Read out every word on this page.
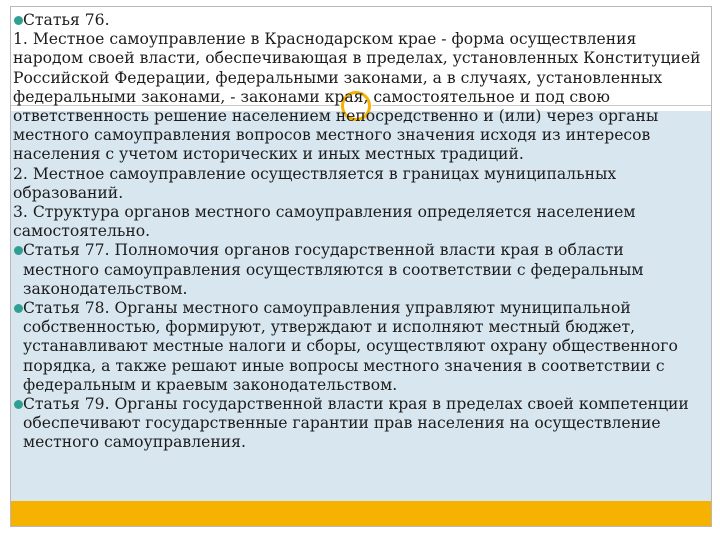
Статья 76.
1. Местное самоуправление в Краснодарском крае - форма осуществления народом своей власти, обеспечивающая в пределах, установленных Конституцией Российской Федерации, федеральными законами, а в случаях, установленных федеральными законами, - законами края, самостоятельное и под свою ответственность решение населением непосредственно и (или) через органы местного самоуправления вопросов местного значения исходя из интересов населения с учетом исторических и иных местных традиций.
2. Местное самоуправление осуществляется в границах муниципальных образований.
3. Структура органов местного самоуправления определяется населением самостоятельно.
Статья 77. Полномочия органов государственной власти края в области местного самоуправления осуществляются в соответствии с федеральным законодательством.
Статья 78. Органы местного самоуправления управляют муниципальной собственностью, формируют, утверждают и исполняют местный бюджет, устанавливают местные налоги и сборы, осуществляют охрану общественного порядка, а также решают иные вопросы местного значения в соответствии с федеральным и краевым законодательством.
Статья 79. Органы государственной власти края в пределах своей компетенции обеспечивают государственные гарантии прав населения на осуществление местного самоуправления.
